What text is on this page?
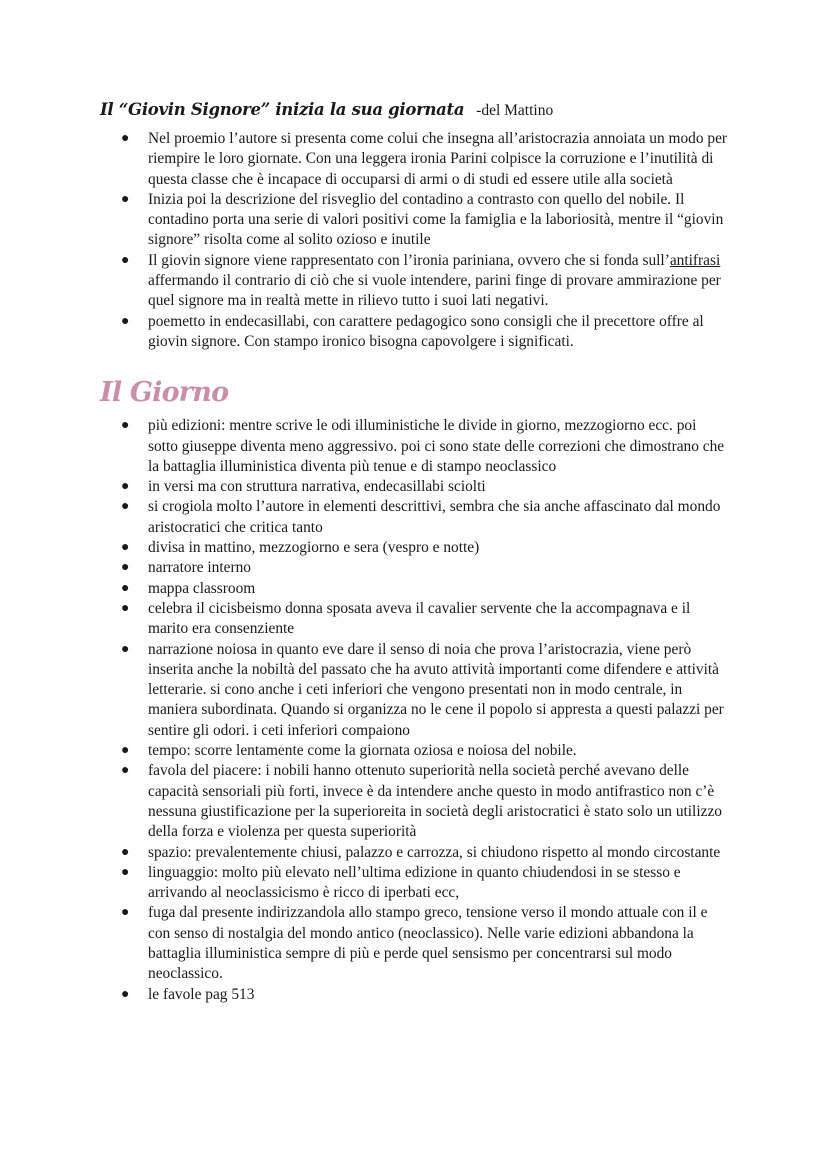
Il “Giovin Signore” inizia la sua giornata -del Mattino
● Nel proemio l’autore si presenta come colui che insegna all’aristocrazia annoiata un modo per riempire le loro giornate. Con una leggera ironia Parini colpisce la corruzione e l’inutilità di questa classe che è incapace di occuparsi di armi o di studi ed essere utile alla società
● Inizia poi la descrizione del risveglio del contadino a contrasto con quello del nobile. Il contadino porta una serie di valori positivi come la famiglia e la laboriosità, mentre il “giovin signore” risolta come al solito ozioso e inutile
● Il giovin signore viene rappresentato con l’ironia pariniana, ovvero che si fonda sull’antifrasi affermando il contrario di ciò che si vuole intendere, parini finge di provare ammirazione per quel signore ma in realtà mette in rilievo tutto i suoi lati negativi.
● poemetto in endecasillabi, con carattere pedagogico sono consigli che il precettore offre al giovin signore. Con stampo ironico bisogna capovolgere i significati.
Il Giorno
● più edizioni: mentre scrive le odi illuministiche le divide in giorno, mezzogiorno ecc. poi sotto giuseppe diventa meno aggressivo. poi ci sono state delle correzioni che dimostrano che la battaglia illuministica diventa più tenue e di stampo neoclassico
● in versi ma con struttura narrativa, endecasillabi sciolti
● si crogiola molto l’autore in elementi descrittivi, sembra che sia anche affascinato dal mondo aristocratici che critica tanto
● divisa in mattino, mezzogiorno e sera (vespro e notte)
● narratore interno
● mappa classroom
● celebra il cicisbeismo donna sposata aveva il cavalier servente che la accompagnava e il marito era consenziente
● narrazione noiosa in quanto eve dare il senso di noia che prova l’aristocrazia, viene però inserita anche la nobiltà del passato che ha avuto attività importanti come difendere e attività letterarie. si cono anche i ceti inferiori che vengono presentati non in modo centrale, in maniera subordinata. Quando si organizza no le cene il popolo si appresta a questi palazzi per sentire gli odori. i ceti inferiori compaiono
● tempo: scorre lentamente come la giornata oziosa e noiosa del nobile.
● favola del piacere: i nobili hanno ottenuto superiorità nella società perché avevano delle capacità sensoriali più forti, invece è da intendere anche questo in modo antifrastico non c’è nessuna giustificazione per la superioreita in società degli aristocratici è stato solo un utilizzo della forza e violenza per questa superiorità
● spazio: prevalentemente chiusi, palazzo e carrozza, si chiudono rispetto al mondo circostante
● linguaggio: molto più elevato nell’ultima edizione in quanto chiudendosi in se stesso e arrivando al neoclassicismo è ricco di iperbati ecc,
● fuga dal presente indirizzandola allo stampo greco, tensione verso il mondo attuale con il e con senso di nostalgia del mondo antico (neoclassico). Nelle varie edizioni abbandona la battaglia illuministica sempre di più e perde quel sensismo per concentrarsi sul modo neoclassico.
● le favole pag 513
